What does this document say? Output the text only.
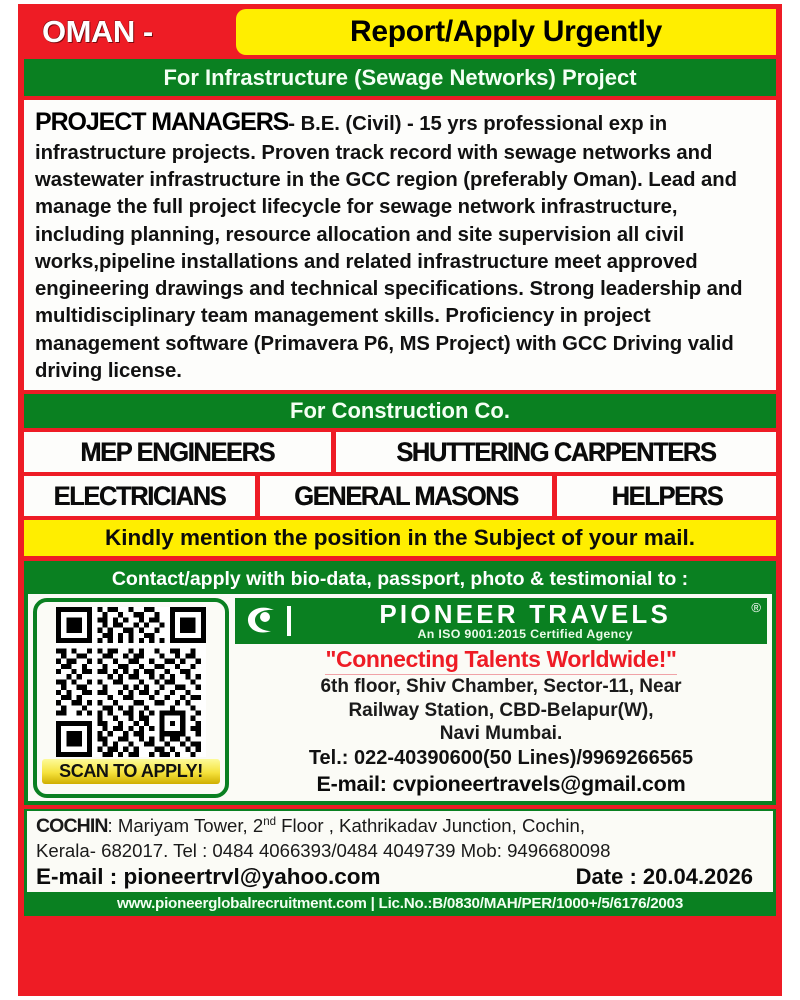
OMAN -	Report/Apply Urgently
For Infrastructure (Sewage Networks) Project

PROJECT MANAGERS- B.E. (Civil) - 15 yrs professional exp in infrastructure projects. Proven track record with sewage networks and wastewater infrastructure in the GCC region (preferably Oman). Lead and manage the full project lifecycle for sewage network infrastructure, including planning, resource allocation and site supervision all civil works,pipeline installations and related infrastructure meet approved engineering drawings and technical specifications. Strong leadership and multidisciplinary team management skills. Proficiency in project management software (Primavera P6, MS Project) with GCC Driving valid driving license.

For Construction Co.
MEP ENGINEERS	SHUTTERING CARPENTERS
ELECTRICIANS	GENERAL MASONS	HELPERS
Kindly mention the position in the Subject of your mail.
Contact/apply with bio-data, passport, photo & testimonial to :
SCAN TO APPLY!
PIONEER TRAVELS
An ISO 9001:2015 Certified Agency
®
"Connecting Talents Worldwide!"
6th floor, Shiv Chamber, Sector-11, Near
Railway Station, CBD-Belapur(W),
Navi Mumbai.
Tel.: 022-40390600(50 Lines)/9969266565
E-mail: cvpioneertravels@gmail.com
COCHIN: Mariyam Tower, 2nd Floor , Kathrikadav Junction, Cochin,
Kerala- 682017. Tel : 0484 4066393/0484 4049739 Mob: 9496680098
E-mail : pioneertrvl@yahoo.com	Date : 20.04.2026
www.pioneerglobalrecruitment.com | Lic.No.:B/0830/MAH/PER/1000+/5/6176/2003
